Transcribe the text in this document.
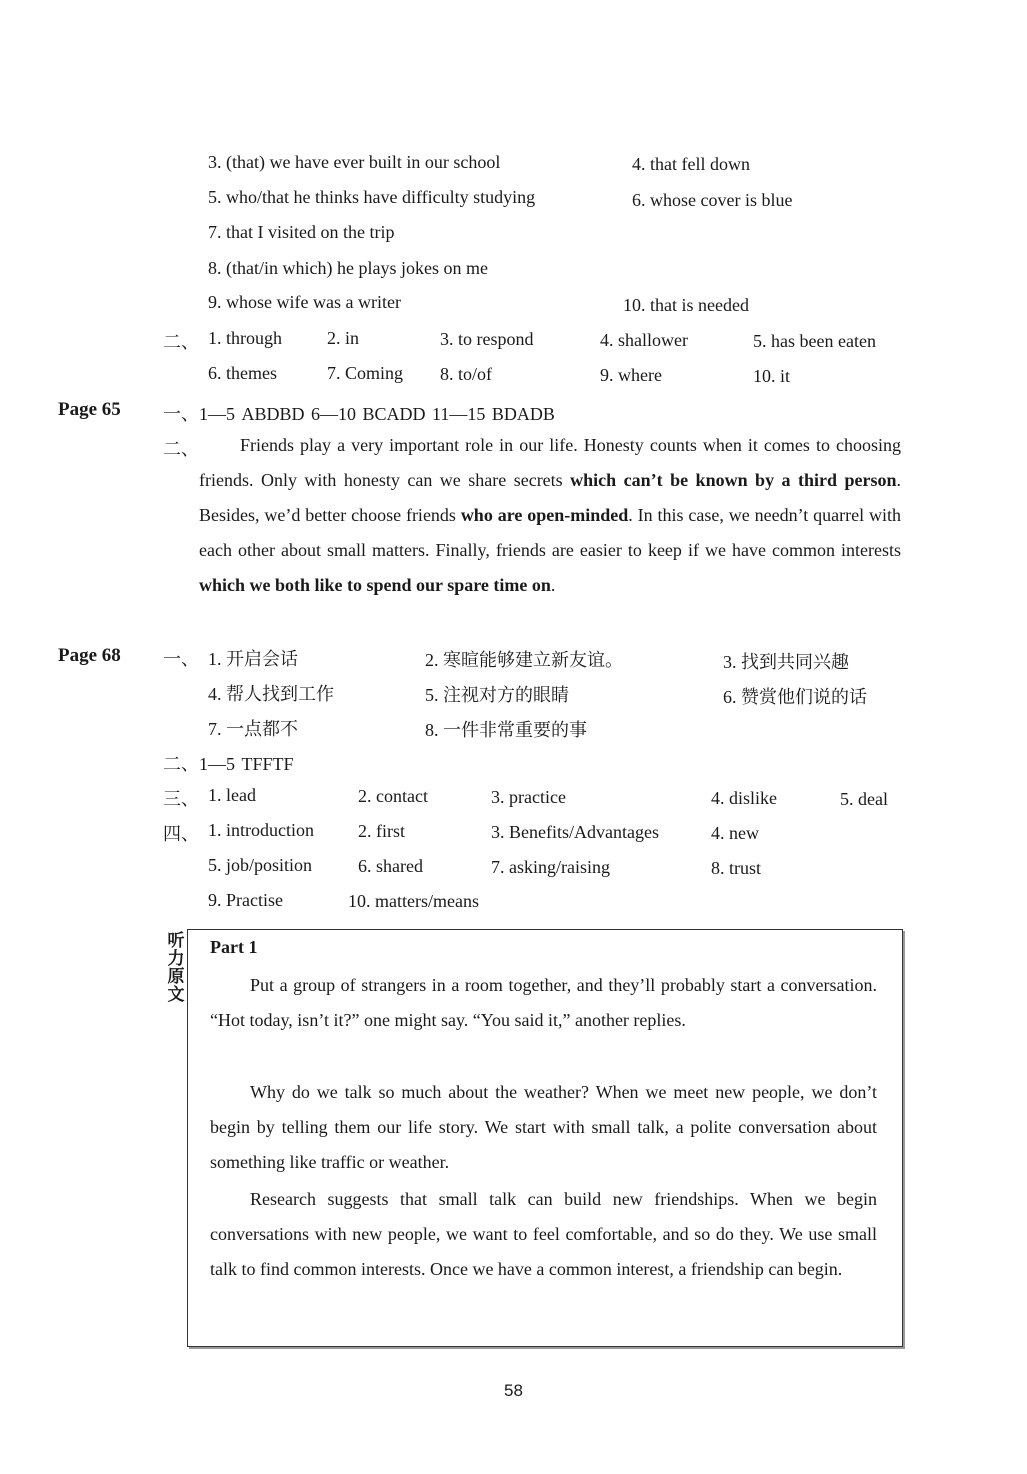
3. (that) we have ever built in our school	4. that fell down
5. who/that he thinks have difficulty studying	6. whose cover is blue
7. that I visited on the trip
8. (that/in which) he plays jokes on me
9. whose wife was a writer	10. that is needed
二、 1. through	2. in	3. to respond	4. shallower	5. has been eaten
6. themes	7. Coming 8. to/of	9. where	10. it
Page 65 一、1—5 ABDBD 6—10 BCADD 11—15 BDADB
二、	Friends play a very important role in our life. Honesty counts when it comes to choosing friends. Only with honesty can we share secrets which can’t be known by a third person. Besides, we’d better choose friends who are open-minded. In this case, we needn’t quarrel with each other about small matters. Finally, friends are easier to keep if we have common interests which we both like to spend our spare time on.
Page 68 一、 1. 开启会话	2. 寒暄能够建立新友谊。	3. 找到共同兴趣
4. 帮人找到工作	5. 注视对方的眼睛	6. 赞赏他们说的话
7. 一点都不	8. 一件非常重要的事
二、1—5 TFFTF
三、 1. lead	2. contact	3. practice	4. dislike	5. deal
四、 1. introduction 2. first	3. Benefits/Advantages	4. new
5. job/position	6. shared	7. asking/raising	8. trust
9. Practise	10. matters/means
听
力
原
文
Part 1
Put a group of strangers in a room together, and they’ll probably start a conversation. “Hot today, isn’t it?” one might say. “You said it,” another replies.
Why do we talk so much about the weather? When we meet new people, we don’t begin by telling them our life story. We start with small talk, a polite conversation about something like traffic or weather.
Research suggests that small talk can build new friendships. When we begin conversations with new people, we want to feel comfortable, and so do they. We use small talk to find common interests. Once we have a common interest, a friendship can begin.
58
